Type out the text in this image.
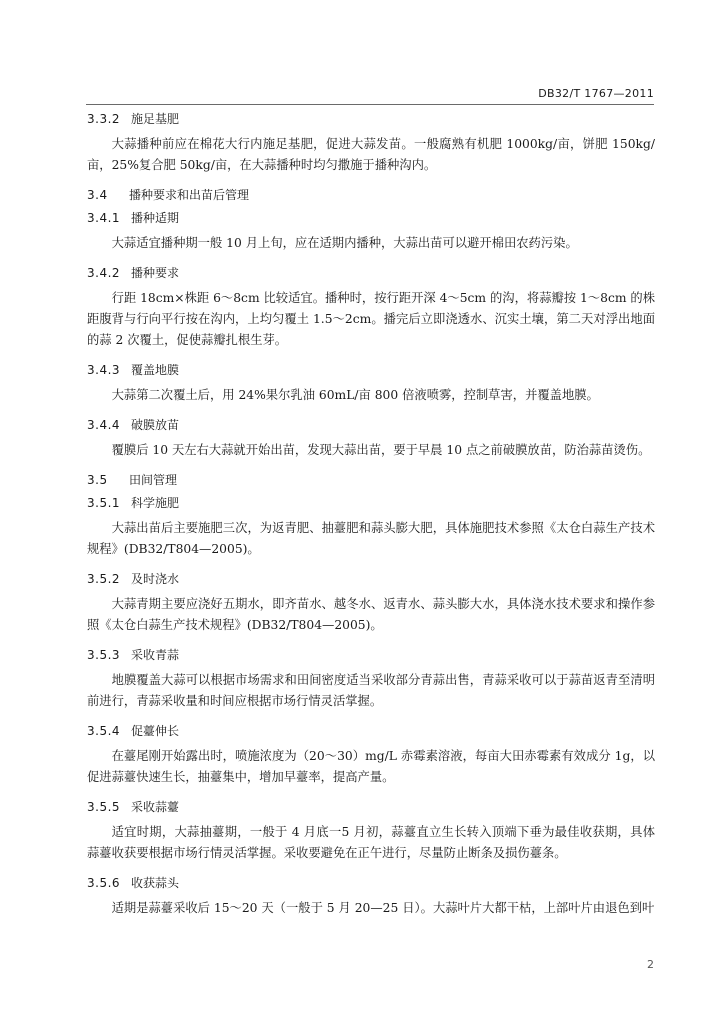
DB32/T 1767—2011
3.3.2 施足基肥

大蒜播种前应在棉花大行内施足基肥，促进大蒜发苗。一般腐熟有机肥 1000kg/亩，饼肥 150kg/亩，25%复合肥 50kg/亩，在大蒜播种时均匀撒施于播种沟内。

3.4 播种要求和出苗后管理
3.4.1 播种适期

大蒜适宜播种期一般 10 月上旬，应在适期内播种，大蒜出苗可以避开棉田农药污染。

3.4.2 播种要求

行距 18cm×株距 6～8cm 比较适宜。播种时，按行距开深 4～5cm 的沟，将蒜瓣按 1～8cm 的株距腹背与行向平行按在沟内，上均匀覆土 1.5～2cm。播完后立即浇透水、沉实土壤，第二天对浮出地面的蒜 2 次覆土，促使蒜瓣扎根生芽。

3.4.3 覆盖地膜

大蒜第二次覆土后，用 24%果尔乳油 60mL/亩 800 倍液喷雾，控制草害，并覆盖地膜。

3.4.4 破膜放苗

覆膜后 10 天左右大蒜就开始出苗，发现大蒜出苗，要于早晨 10 点之前破膜放苗，防治蒜苗烫伤。

3.5 田间管理
3.5.1 科学施肥

大蒜出苗后主要施肥三次，为返青肥、抽薹肥和蒜头膨大肥，具体施肥技术参照《太仓白蒜生产技术规程》(DB32/T804—2005)。

3.5.2 及时浇水

大蒜青期主要应浇好五期水，即齐苗水、越冬水、返青水、蒜头膨大水，具体浇水技术要求和操作参照《太仓白蒜生产技术规程》(DB32/T804—2005)。

3.5.3 采收青蒜

地膜覆盖大蒜可以根据市场需求和田间密度适当采收部分青蒜出售，青蒜采收可以于蒜苗返青至清明前进行，青蒜采收量和时间应根据市场行情灵活掌握。

3.5.4 促薹伸长

在薹尾刚开始露出时，喷施浓度为（20～30）mg/L 赤霉素溶液，每亩大田赤霉素有效成分 1g，以促进蒜薹快速生长，抽薹集中，增加早薹率，提高产量。

3.5.5 采收蒜薹

适宜时期，大蒜抽薹期，一般于 4 月底一5 月初，蒜薹直立生长转入顶端下垂为最佳收获期，具体蒜薹收获要根据市场行情灵活掌握。采收要避免在正午进行，尽量防止断条及损伤薹条。

3.5.6 收获蒜头

适期是蒜薹采收后 15～20 天（一般于 5 月 20—25 日）。大蒜叶片大都干枯，上部叶片由退色到叶

2
